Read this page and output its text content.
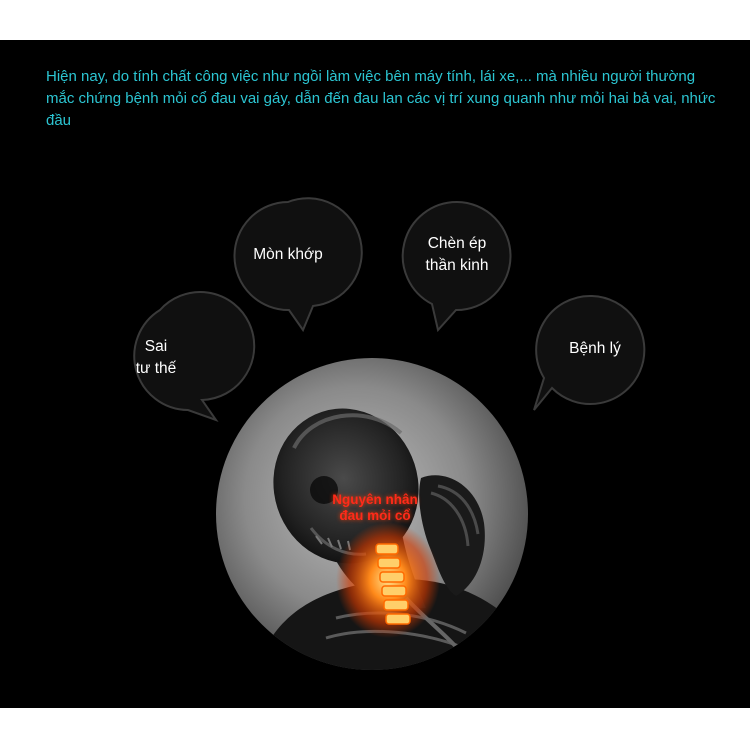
Hiện nay, do tính chất công việc như ngồi làm việc bên máy tính, lái xe,... mà nhiều người thường mắc chứng bệnh mỏi cổ đau vai gáy, dẫn đến đau lan các vị trí xung quanh như mỏi hai bả vai, nhức đầu

Sai
tư thế
Mòn khớp
Chèn ép
thần kinh
Bệnh lý
Nguyên nhân
đau mỏi cổ
